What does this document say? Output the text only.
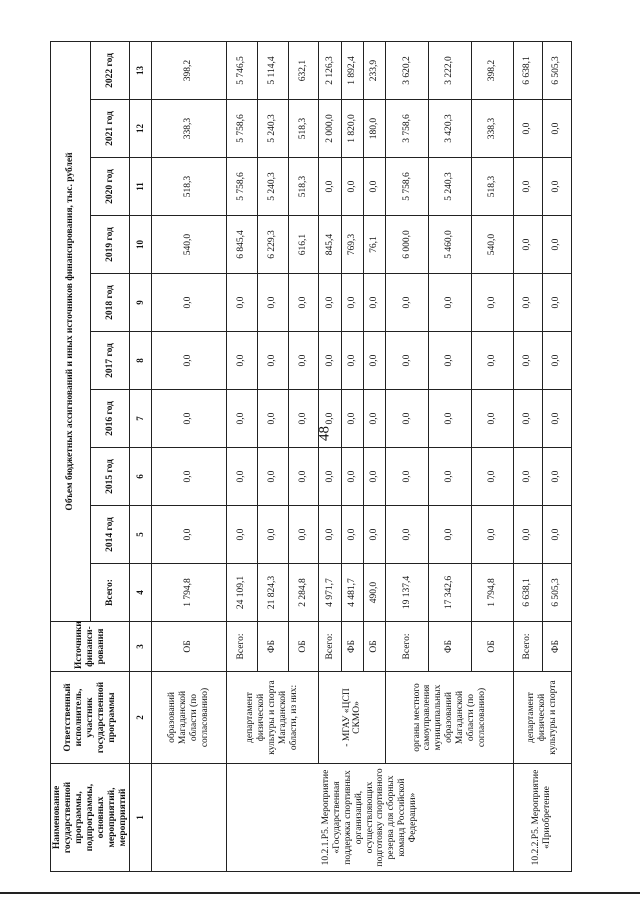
48
Наименование государственной программы, подпрограммы, основных мероприятий, мероприятий	Ответственный исполнитель, участник государственной программы	Источники финанси-рования	Объем бюджетных ассигнований и иных источников финансирования, тыс. рублей									
			Всего:	2014 год	2015 год	2016 год	2017 год	2018 год	2019 год	2020 год	2021 год	2022 год
1	2	3	4	5	6	7	8	9	10	11	12	13
	образований Магаданской области (по согласованию)	ОБ	1 794,8	0,0	0,0	0,0	0,0	0,0	540,0	518,3	338,3	398,2
10.2.1.Р5. Мероприятие «Государственная поддержка спортивных организаций, осуществляющих подготовку спортивного резерва для сборных команд Российской Федерации»	департамент физической культуры и спорта Магаданской области, из них:	Всего:	24 109,1	0,0	0,0	0,0	0,0	0,0	6 845,4	5 758,6	5 758,6	5 746,5
		ФБ	21 824,3	0,0	0,0	0,0	0,0	0,0	6 229,3	5 240,3	5 240,3	5 114,4
		ОБ	2 284,8	0,0	0,0	0,0	0,0	0,0	616,1	518,3	518,3	632,1
	- МГАУ «ЦСП СКМО»	Всего:	4 971,7	0,0	0,0	0,0	0,0	0,0	845,4	0,0	2 000,0	2 126,3
		ФБ	4 481,7	0,0	0,0	0,0	0,0	0,0	769,3	0,0	1 820,0	1 892,4
		ОБ	490,0	0,0	0,0	0,0	0,0	0,0	76,1	0,0	180,0	233,9
	органы местного самоуправления муниципальных образований Магаданской области (по согласованию)	Всего:	19 137,4	0,0	0,0	0,0	0,0	0,0	6 000,0	5 758,6	3 758,6	3 620,2
		ФБ	17 342,6	0,0	0,0	0,0	0,0	0,0	5 460,0	5 240,3	3 420,3	3 222,0
		ОБ	1 794,8	0,0	0,0	0,0	0,0	0,0	540,0	518,3	338,3	398,2
10.2.2.Р5. Мероприятие «Приобретение	департамент физической культуры и спорта	Всего:	6 638,1	0,0	0,0	0,0	0,0	0,0	0,0	0,0	0,0	6 638,1
		ФБ	6 505,3	0,0	0,0	0,0	0,0	0,0	0,0	0,0	0,0	6 505,3
